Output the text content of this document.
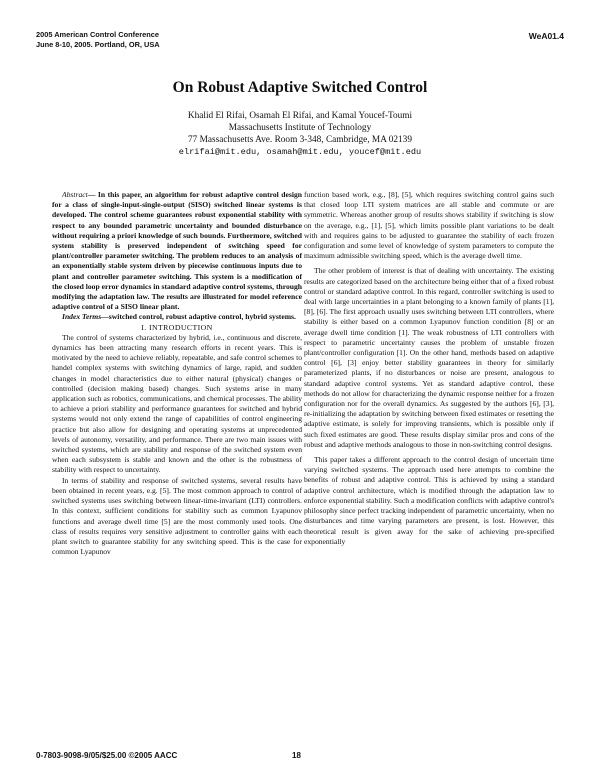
2005 American Control Conference
June 8-10, 2005. Portland, OR, USA
WeA01.4
On Robust Adaptive Switched Control
Khalid El Rifai, Osamah El Rifai, and Kamal Youcef-Toumi
Massachusetts Institute of Technology
77 Massachusetts Ave. Room 3-348, Cambridge, MA 02139
elrifai@mit.edu, osamah@mit.edu, youcef@mit.edu

Abstract— In this paper, an algorithm for robust adaptive control design for a class of single-input-single-output (SISO) switched linear systems is developed. The control scheme guarantees robust exponential stability with respect to any bounded parametric uncertainty and bounded disturbance without requiring a priori knowledge of such bounds. Furthermore, switched system stability is preserved independent of switching speed for plant/controller parameter switching. The problem reduces to an analysis of an exponentially stable system driven by piecewise continuous inputs due to plant and controller parameter switching. This system is a modification of the closed loop error dynamics in standard adaptive control systems, through modifying the adaptation law. The results are illustrated for model reference adaptive control of a SISO linear plant.

Index Terms—switched control, robust adaptive control, hybrid systems.

I. INTRODUCTION

The control of systems characterized by hybrid, i.e., continuous and discrete, dynamics has been attracting many research efforts in recent years. This is motivated by the need to achieve reliably, repeatable, and safe control schemes to handel complex systems with switching dynamics of large, rapid, and sudden changes in model characteristics due to either natural (physical) changes or controlled (decision making based) changes. Such systems arise in many application such as robotics, communications, and chemical processes. The ability to achieve a priori stability and performance guarantees for switched and hybrid systems would not only extend the range of capabilities of control engineering practice but also allow for designing and operating systems at unprecedented levels of autonomy, versatility, and performance. There are two main issues with switched systems, which are stability and response of the switched system even when each subsystem is stable and known and the other is the robustness of stability with respect to uncertainty.

In terms of stability and response of switched systems, several results have been obtained in recent years, e.g. [5]. The most common approach to control of switched systems uses switching between linear-time-invariant (LTI) controllers. In this context, sufficient conditions for stability such as common Lyapunov functions and average dwell time [5] are the most commonly used tools. One class of results requires very sensitive adjustment to controller gains with each plant switch to guarantee stability for any switching speed. This is the case for common Lyapunov

function based work, e.g., [8], [5], which requires switching control gains such that closed loop LTI system matrices are all stable and commute or are symmetric. Whereas another group of results shows stability if switching is slow on the average, e.g., [1], [5], which limits possible plant variations to be dealt with and requires gains to be adjusted to guarantee the stability of each frozen configuration and some level of knowledge of system parameters to compute the maximum admissible switching speed, which is the average dwell time.

The other problem of interest is that of dealing with uncertainty. The existing results are categorized based on the architecture being either that of a fixed robust control or standard adaptive control. In this regard, controller switching is used to deal with large uncertainties in a plant belonging to a known family of plants [1], [8], [6]. The first approach usually uses switching between LTI controllers, where stability is either based on a common Lyapunov function condition [8] or an average dwell time condition [1]. The weak robustness of LTI controllers with respect to parametric uncertainty causes the problem of unstable frozen plant/controller configuration [1]. On the other hand, methods based on adaptive control [6], [3] enjoy better stability guarantees in theory for similarly parameterized plants, if no disturbances or noise are present, analogous to standard adaptive control systems. Yet as standard adaptive control, these methods do not allow for characterizing the dynamic response neither for a frozen configuration nor for the overall dynamics. As suggested by the authors [6], [3], re-initializing the adaptation by switching between fixed estimates or resetting the adaptive estimate, is solely for improving transients, which is possible only if such fixed estimates are good. These results display similar pros and cons of the robust and adaptive methods analogous to those in non-switching control designs.

This paper takes a different approach to the control design of uncertain time varying switched systems. The approach used here attempts to combine the benefits of robust and adaptive control. This is achieved by using a standard adaptive control architecture, which is modified through the adaptation law to enforce exponential stability. Such a modification conflicts with adaptive control's philosophy since perfect tracking independent of parametric uncertainty, when no disturbances and time varying parameters are present, is lost. However, this theoretical result is given away for the sake of achieving pre-specified exponentially

0-7803-9098-9/05/$25.00 ©2005 AACC	18
